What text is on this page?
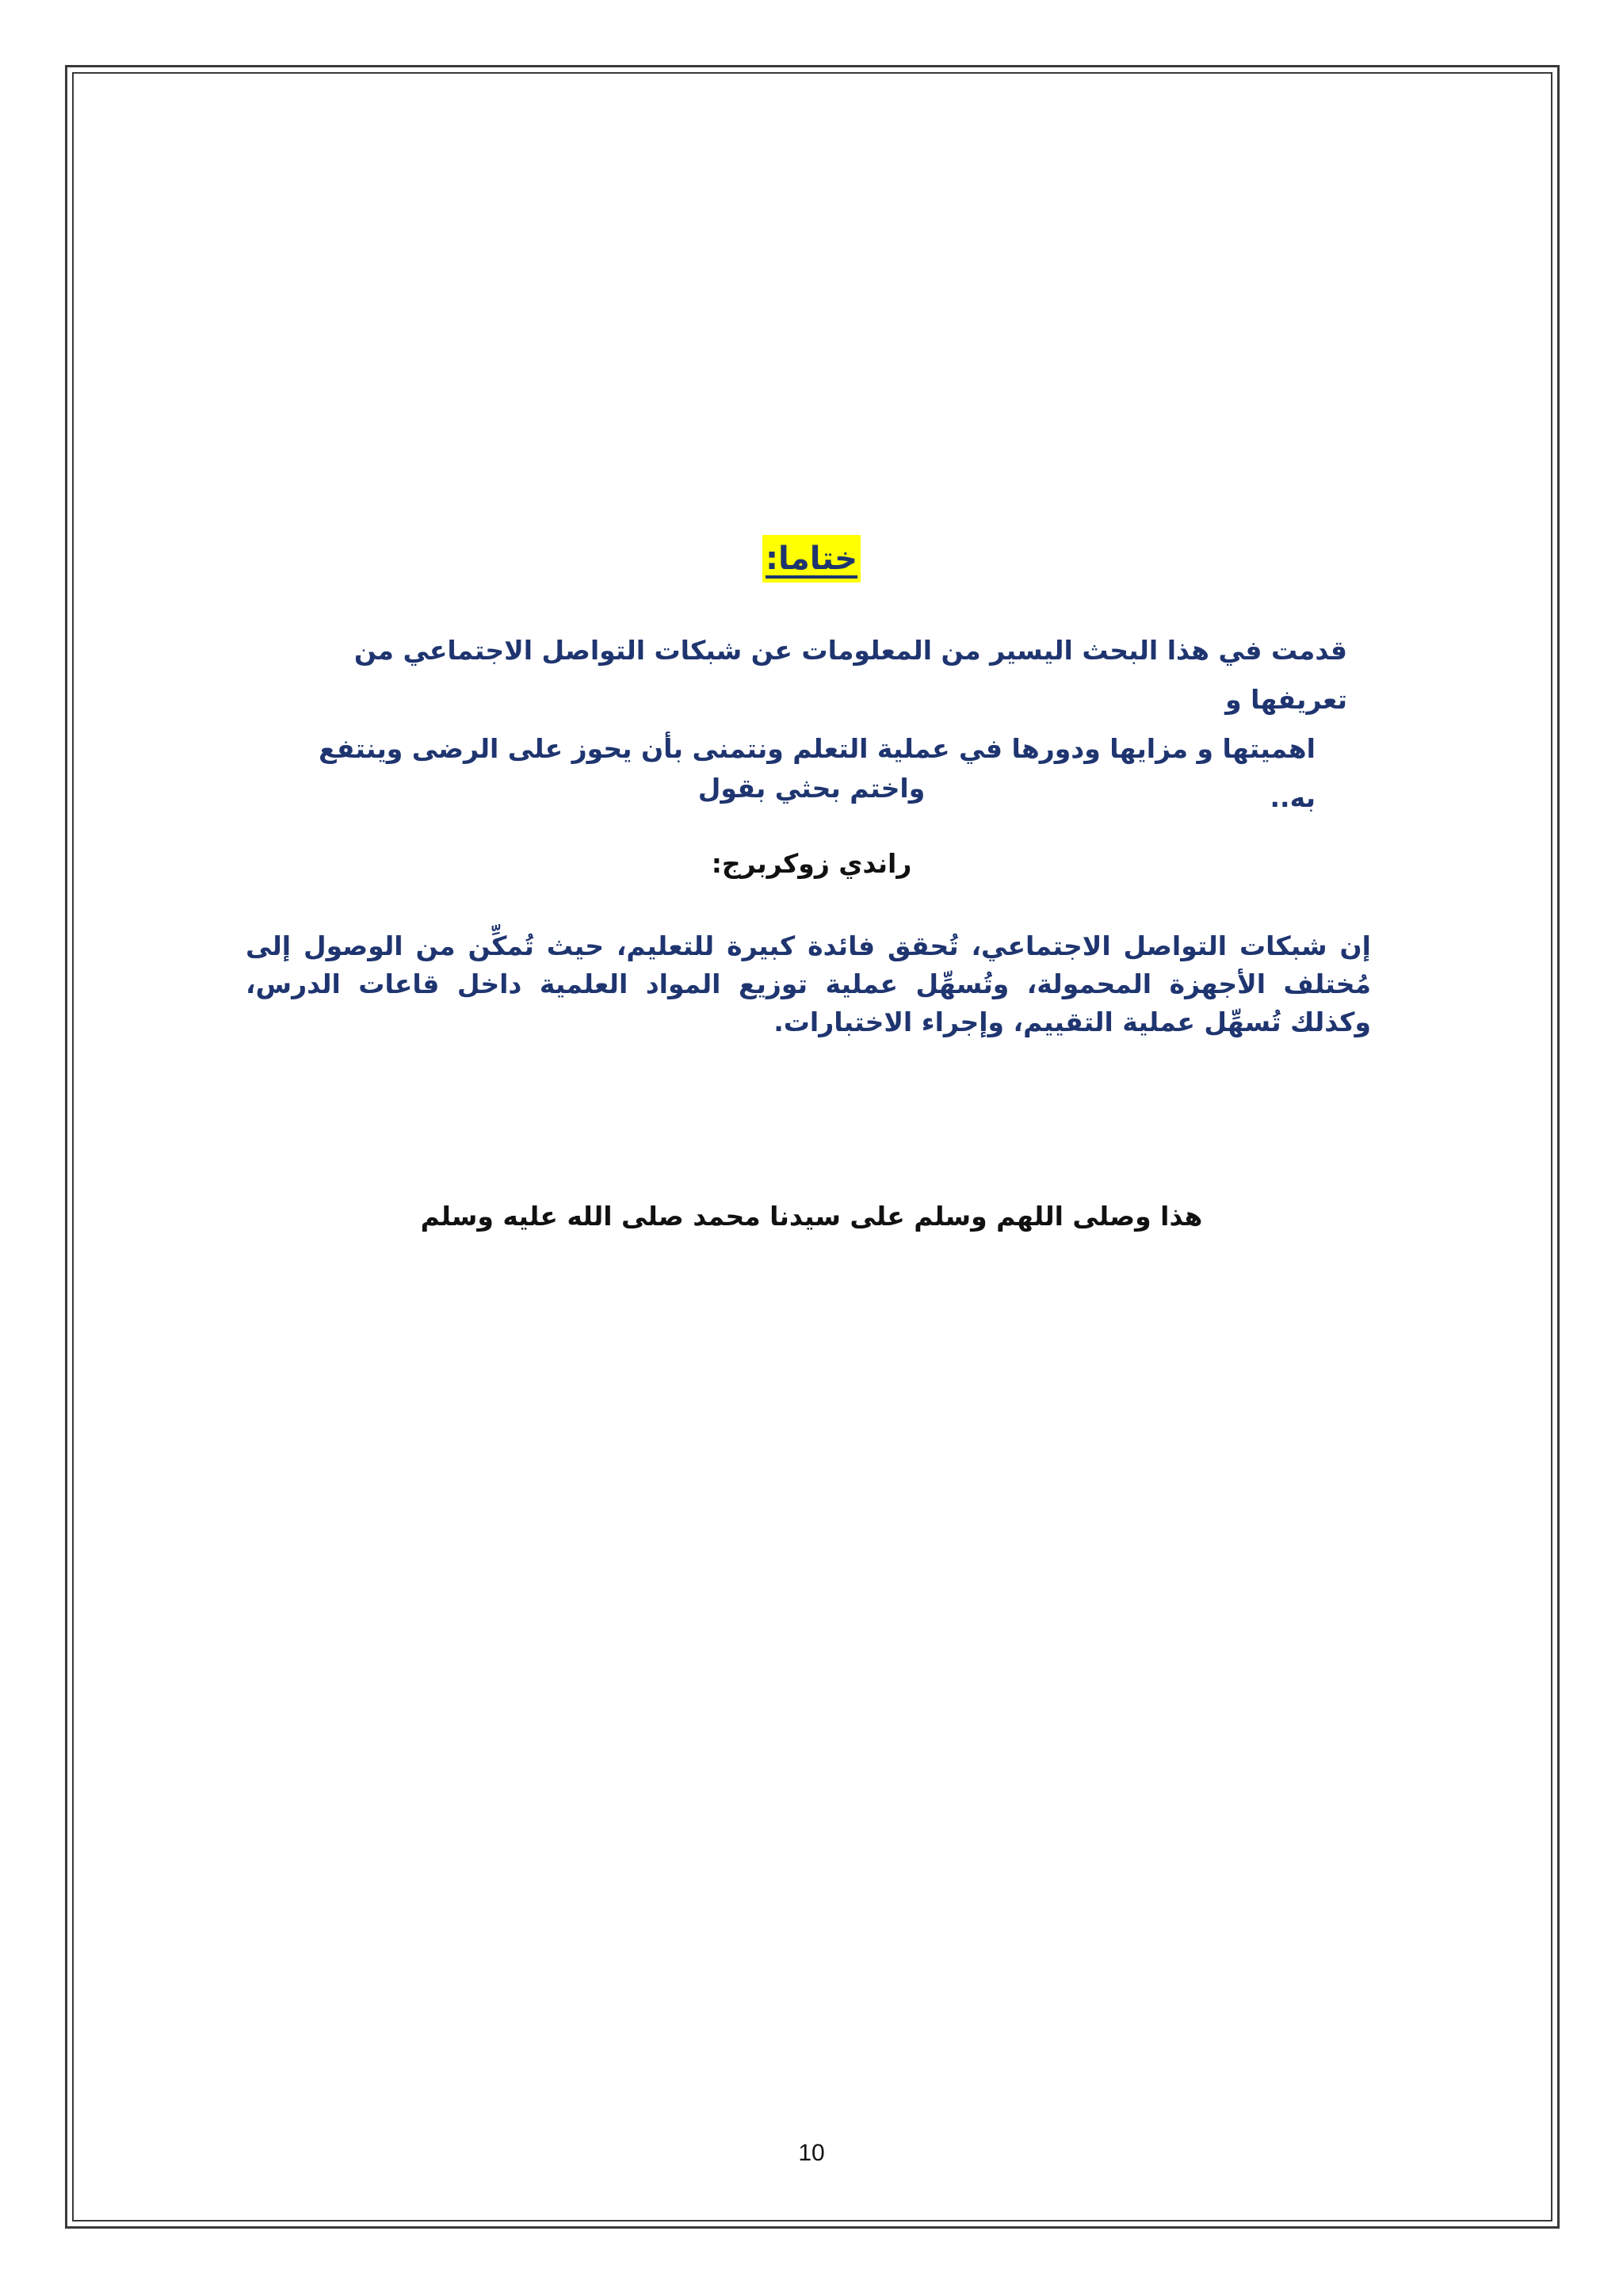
ختاما:
قدمت في هذا البحث اليسير من المعلومات عن شبكات التواصل الاجتماعي من تعريفها و
اهميتها و مزايها ودورها في عملية التعلم ونتمنى بأن يحوز على الرضى وينتفع به..
واختم بحثي بقول
راندي زوكربرج:
إن شبكات التواصل الاجتماعي، تُحقق فائدة كبيرة للتعليم، حيث تُمكِّن من الوصول إلى مُختلف الأجهزة المحمولة، وتُسهِّل عملية توزيع المواد العلمية داخل قاعات الدرس، وكذلك تُسهِّل عملية التقييم، وإجراء الاختبارات.
هذا وصلى اللهم وسلم على سيدنا محمد صلى الله عليه وسلم
10
